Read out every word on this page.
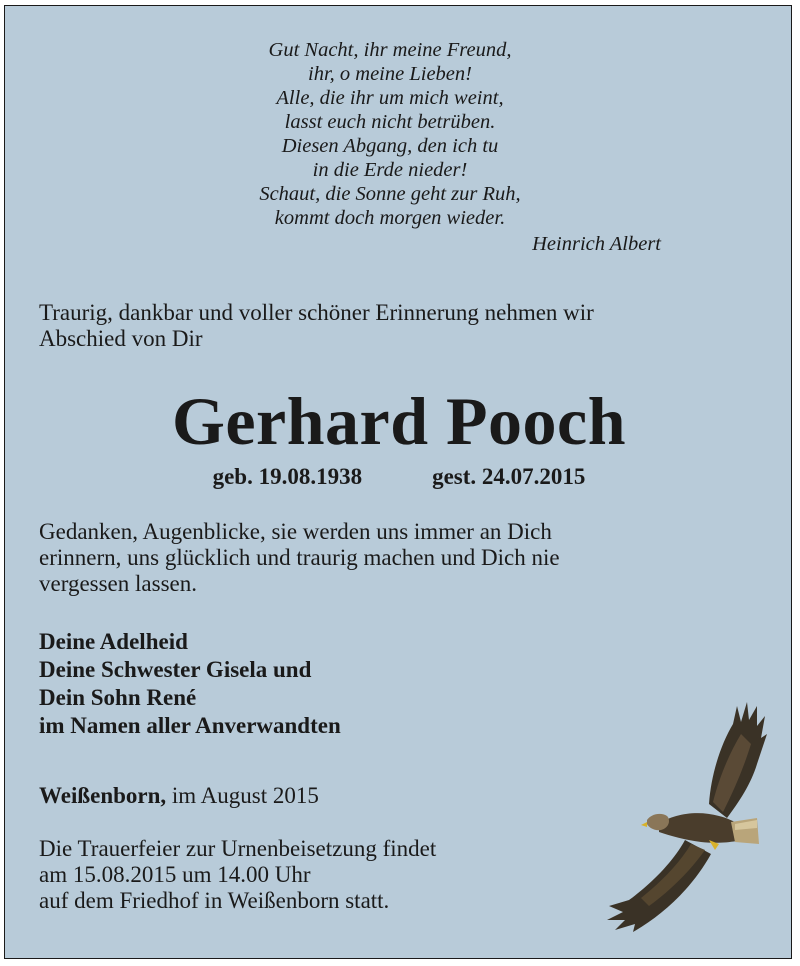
Gut Nacht, ihr meine Freund,
ihr, o meine Lieben!
Alle, die ihr um mich weint,
lasst euch nicht betrüben.
Diesen Abgang, den ich tu
in die Erde nieder!
Schaut, die Sonne geht zur Ruh,
kommt doch morgen wieder.
Heinrich Albert
Traurig, dankbar und voller schöner Erinnerung nehmen wir
Abschied von Dir
Gerhard Pooch
geb. 19.08.1938	gest. 24.07.2015
Gedanken, Augenblicke, sie werden uns immer an Dich
erinnern, uns glücklich und traurig machen und Dich nie
vergessen lassen.
Deine Adelheid
Deine Schwester Gisela und
Dein Sohn René
im Namen aller Anverwandten
Weißenborn, im August 2015
Die Trauerfeier zur Urnenbeisetzung findet
am 15.08.2015 um 14.00 Uhr
auf dem Friedhof in Weißenborn statt.
